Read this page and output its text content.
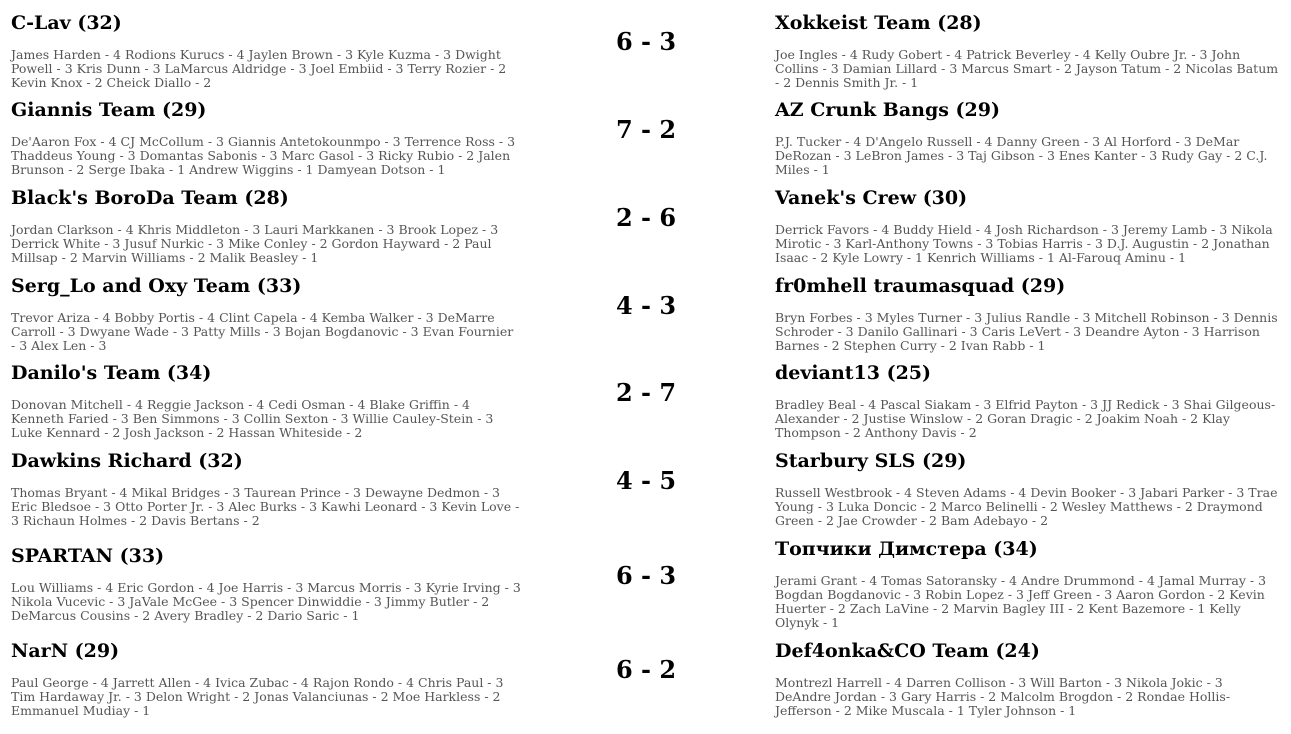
C-Lav (32)
James Harden - 4 Rodions Kurucs - 4 Jaylen Brown - 3 Kyle Kuzma - 3 Dwight Powell - 3 Kris Dunn - 3 LaMarcus Aldridge - 3 Joel Embiid - 3 Terry Rozier - 2 Kevin Knox - 2 Cheick Diallo - 2
6 - 3
Xokkeist Team (28)
Joe Ingles - 4 Rudy Gobert - 4 Patrick Beverley - 4 Kelly Oubre Jr. - 3 John Collins - 3 Damian Lillard - 3 Marcus Smart - 2 Jayson Tatum - 2 Nicolas Batum - 2 Dennis Smith Jr. - 1
Giannis Team (29)
De'Aaron Fox - 4 CJ McCollum - 3 Giannis Antetokounmpo - 3 Terrence Ross - 3 Thaddeus Young - 3 Domantas Sabonis - 3 Marc Gasol - 3 Ricky Rubio - 2 Jalen Brunson - 2 Serge Ibaka - 1 Andrew Wiggins - 1 Damyean Dotson - 1
7 - 2
AZ Crunk Bangs (29)
P.J. Tucker - 4 D'Angelo Russell - 4 Danny Green - 3 Al Horford - 3 DeMar DeRozan - 3 LeBron James - 3 Taj Gibson - 3 Enes Kanter - 3 Rudy Gay - 2 C.J. Miles - 1
Black's BoroDa Team (28)
Jordan Clarkson - 4 Khris Middleton - 3 Lauri Markkanen - 3 Brook Lopez - 3 Derrick White - 3 Jusuf Nurkic - 3 Mike Conley - 2 Gordon Hayward - 2 Paul Millsap - 2 Marvin Williams - 2 Malik Beasley - 1
2 - 6
Vanek's Crew (30)
Derrick Favors - 4 Buddy Hield - 4 Josh Richardson - 3 Jeremy Lamb - 3 Nikola Mirotic - 3 Karl-Anthony Towns - 3 Tobias Harris - 3 D.J. Augustin - 2 Jonathan Isaac - 2 Kyle Lowry - 1 Kenrich Williams - 1 Al-Farouq Aminu - 1
Serg_Lo and Oxy Team (33)
Trevor Ariza - 4 Bobby Portis - 4 Clint Capela - 4 Kemba Walker - 3 DeMarre Carroll - 3 Dwyane Wade - 3 Patty Mills - 3 Bojan Bogdanovic - 3 Evan Fournier - 3 Alex Len - 3
4 - 3
fr0mhell traumasquad (29)
Bryn Forbes - 3 Myles Turner - 3 Julius Randle - 3 Mitchell Robinson - 3 Dennis Schroder - 3 Danilo Gallinari - 3 Caris LeVert - 3 Deandre Ayton - 3 Harrison Barnes - 2 Stephen Curry - 2 Ivan Rabb - 1
Danilo's Team (34)
Donovan Mitchell - 4 Reggie Jackson - 4 Cedi Osman - 4 Blake Griffin - 4 Kenneth Faried - 3 Ben Simmons - 3 Collin Sexton - 3 Willie Cauley-Stein - 3 Luke Kennard - 2 Josh Jackson - 2 Hassan Whiteside - 2
2 - 7
deviant13 (25)
Bradley Beal - 4 Pascal Siakam - 3 Elfrid Payton - 3 JJ Redick - 3 Shai Gilgeous-Alexander - 2 Justise Winslow - 2 Goran Dragic - 2 Joakim Noah - 2 Klay Thompson - 2 Anthony Davis - 2
Dawkins Richard (32)
Thomas Bryant - 4 Mikal Bridges - 3 Taurean Prince - 3 Dewayne Dedmon - 3 Eric Bledsoe - 3 Otto Porter Jr. - 3 Alec Burks - 3 Kawhi Leonard - 3 Kevin Love - 3 Richaun Holmes - 2 Davis Bertans - 2
4 - 5
Starbury SLS (29)
Russell Westbrook - 4 Steven Adams - 4 Devin Booker - 3 Jabari Parker - 3 Trae Young - 3 Luka Doncic - 2 Marco Belinelli - 2 Wesley Matthews - 2 Draymond Green - 2 Jae Crowder - 2 Bam Adebayo - 2
SPARTAN (33)
Lou Williams - 4 Eric Gordon - 4 Joe Harris - 3 Marcus Morris - 3 Kyrie Irving - 3 Nikola Vucevic - 3 JaVale McGee - 3 Spencer Dinwiddie - 3 Jimmy Butler - 2 DeMarcus Cousins - 2 Avery Bradley - 2 Dario Saric - 1
6 - 3
Топчики Димстера (34)
Jerami Grant - 4 Tomas Satoransky - 4 Andre Drummond - 4 Jamal Murray - 3 Bogdan Bogdanovic - 3 Robin Lopez - 3 Jeff Green - 3 Aaron Gordon - 2 Kevin Huerter - 2 Zach LaVine - 2 Marvin Bagley III - 2 Kent Bazemore - 1 Kelly Olynyk - 1
NarN (29)
Paul George - 4 Jarrett Allen - 4 Ivica Zubac - 4 Rajon Rondo - 4 Chris Paul - 3 Tim Hardaway Jr. - 3 Delon Wright - 2 Jonas Valanciunas - 2 Moe Harkless - 2 Emmanuel Mudiay - 1
6 - 2
Def4onka&CO Team (24)
Montrezl Harrell - 4 Darren Collison - 3 Will Barton - 3 Nikola Jokic - 3 DeAndre Jordan - 3 Gary Harris - 2 Malcolm Brogdon - 2 Rondae Hollis-Jefferson - 2 Mike Muscala - 1 Tyler Johnson - 1
